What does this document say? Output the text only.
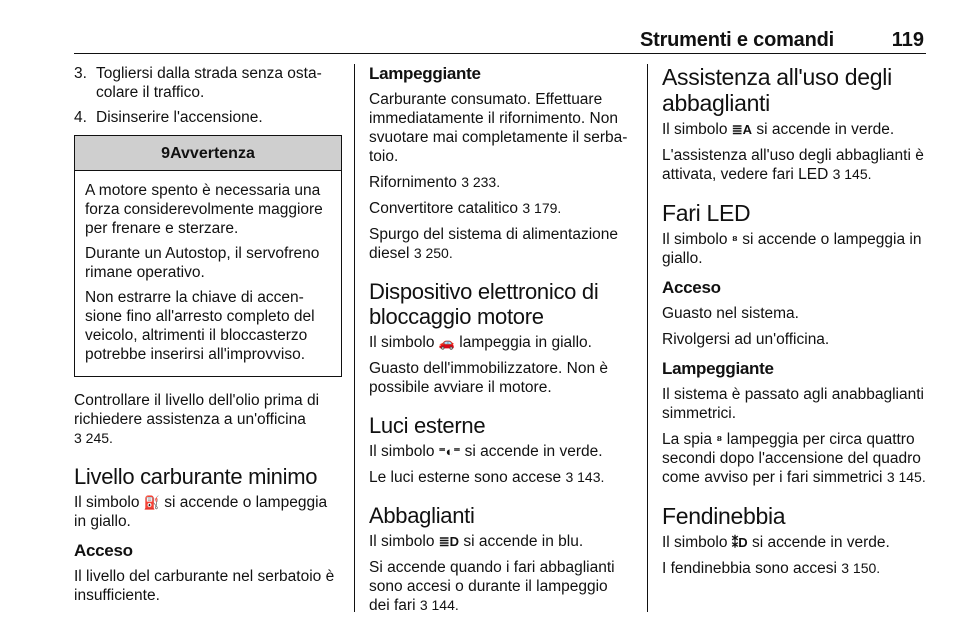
Strumenti e comandi	119
3. Togliersi dalla strada senza ostacolare il traffico.
4. Disinserire l'accensione.
9Avvertenza

A motore spento è necessaria una forza considerevolmente maggiore per frenare e sterzare.

Durante un Autostop, il servofreno rimane operativo.

Non estrarre la chiave di accensione fino all'arresto completo del veicolo, altrimenti il bloccasterzo potrebbe inserirsi all'improvviso.

Controllare il livello dell'olio prima di richiedere assistenza a un'officina
3 245.

Livello carburante minimo

Il simbolo ⛽ si accende o lampeggia in giallo.

Acceso

Il livello del carburante nel serbatoio è insufficiente.

Lampeggiante

Carburante consumato. Effettuare immediatamente il rifornimento. Non svuotare mai completamente il serbatoio.

Rifornimento 3 233.

Convertitore catalitico 3 179.

Spurgo del sistema di alimentazione diesel 3 250.

Dispositivo elettronico di bloccaggio motore

Il simbolo 🚗 lampeggia in giallo.

Guasto dell'immobilizzatore. Non è possibile avviare il motore.

Luci esterne

Il simbolo ⁼◐⁼ si accende in verde.

Le luci esterne sono accese 3 143.

Abbaglianti

Il simbolo ≣D si accende in blu.

Si accende quando i fari abbaglianti sono accesi o durante il lampeggio dei fari 3 144.

Assistenza all'uso degli abbaglianti

Il simbolo ≣A si accende in verde.

L'assistenza all'uso degli abbaglianti è attivata, vedere fari LED 3 145.

Fari LED

Il simbolo ⁸ si accende o lampeggia in giallo.

Acceso

Guasto nel sistema.

Rivolgersi ad un'officina.

Lampeggiante

Il sistema è passato agli anabbaglianti simmetrici.

La spia ⁸ lampeggia per circa quattro secondi dopo l'accensione del quadro come avviso per i fari simmetrici 3 145.

Fendinebbia

Il simbolo ⁑D si accende in verde.

I fendinebbia sono accesi 3 150.
